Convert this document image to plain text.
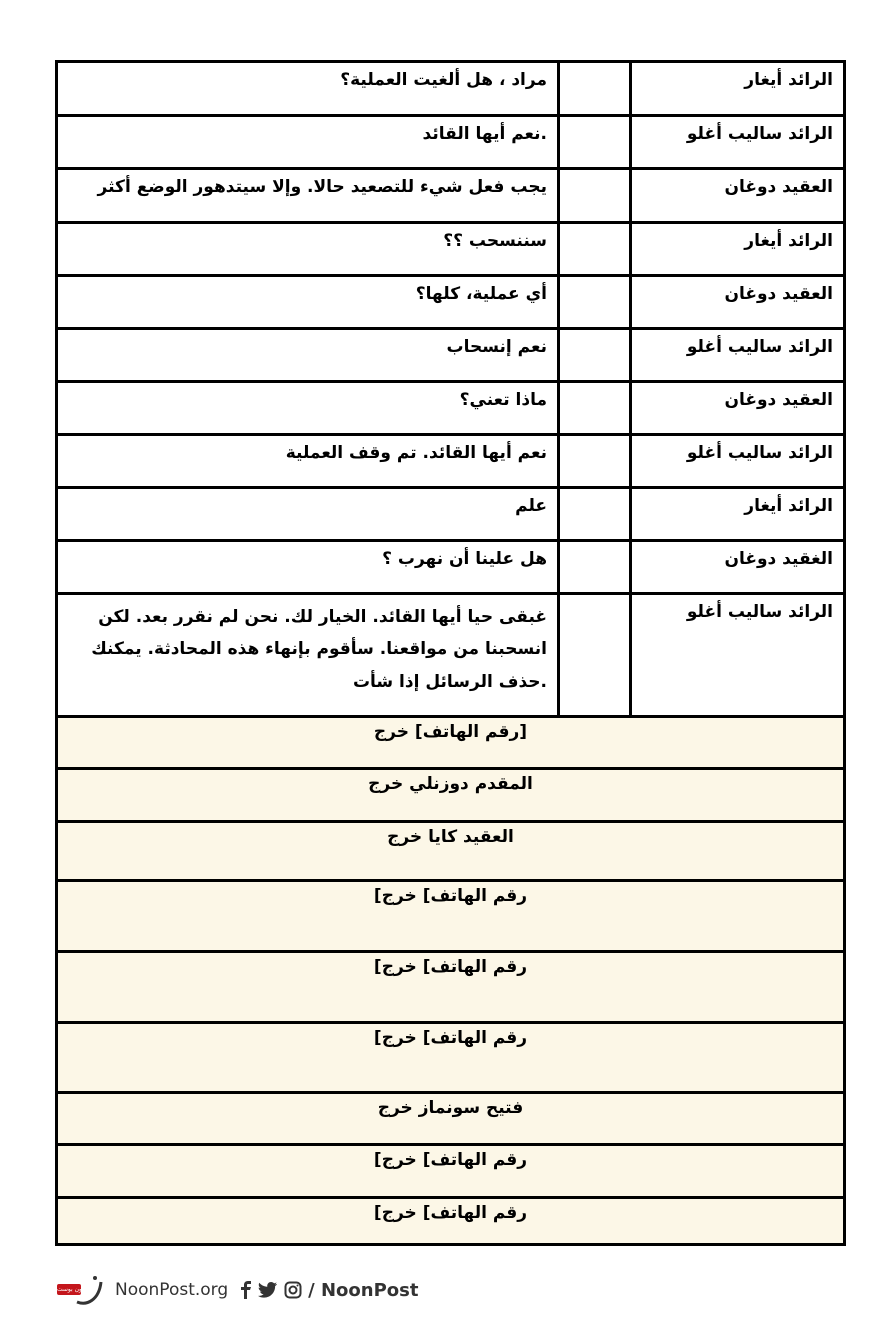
الرائد أيغار
مراد ، هل ألغيت العملية؟
الرائد ساليب أغلو
.نعم أيها القائد
العقيد دوغان
يجب فعل شيء للتصعيد حالا. وإلا سيتدهور الوضع أكثر
الرائد أيغار
سننسحب ؟؟
العقيد دوغان
أي عملية، كلها؟
الرائد ساليب أغلو
نعم إنسحاب
العقيد دوغان
ماذا تعني؟
الرائد ساليب أغلو
نعم أيها القائد. تم وقف العملية
الرائد أيغار
علم
الغقيد دوغان
هل علينا أن نهرب ؟
الرائد ساليب أغلو
غبقى حيا أيها القائد. الخيار لك. نحن لم نقرر بعد. لكن انسحبنا من مواقعنا. سأقوم بإنهاء هذه المحادثة. يمكنك .حذف الرسائل إذا شأت
[رقم الهاتف] خرج
المقدم دوزنلي خرج
العقيد كايا خرج
رقم الهاتف] خرج]
رقم الهاتف] خرج]
رقم الهاتف] خرج]
فتيح سونماز خرج
رقم الهاتف] خرج]
رقم الهاتف] خرج]
نون بوست NoonPost.org	/ NoonPost
